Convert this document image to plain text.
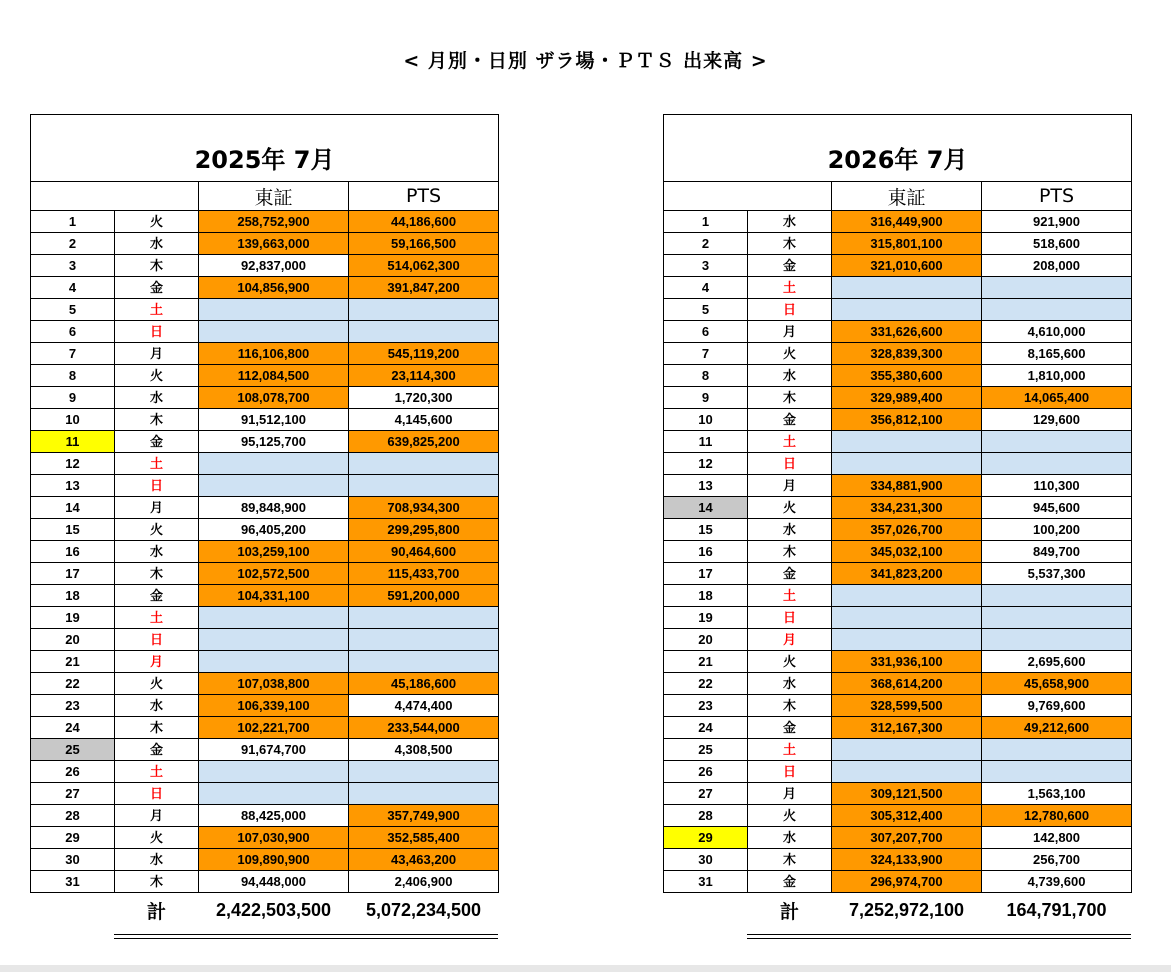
< 月別・日別 ザラ場・ＰＴＳ 出来高 >
2025年 7月			
		東証	PTS
1	火	258,752,900	44,186,600
2	水	139,663,000	59,166,500
3	木	92,837,000	514,062,300
4	金	104,856,900	391,847,200
5	土		
6	日		
7	月	116,106,800	545,119,200
8	火	112,084,500	23,114,300
9	水	108,078,700	1,720,300
10	木	91,512,100	4,145,600
11	金	95,125,700	639,825,200
12	土		
13	日		
14	月	89,848,900	708,934,300
15	火	96,405,200	299,295,800
16	水	103,259,100	90,464,600
17	木	102,572,500	115,433,700
18	金	104,331,100	591,200,000
19	土		
20	日		
21	月		
22	火	107,038,800	45,186,600
23	水	106,339,100	4,474,400
24	木	102,221,700	233,544,000
25	金	91,674,700	4,308,500
26	土		
27	日		
28	月	88,425,000	357,749,900
29	火	107,030,900	352,585,400
30	水	109,890,900	43,463,200
31	木	94,448,000	2,406,900
	計	2,422,503,500	5,072,234,500
2026年 7月			
		東証	PTS
1	水	316,449,900	921,900
2	木	315,801,100	518,600
3	金	321,010,600	208,000
4	土		
5	日		
6	月	331,626,600	4,610,000
7	火	328,839,300	8,165,600
8	水	355,380,600	1,810,000
9	木	329,989,400	14,065,400
10	金	356,812,100	129,600
11	土		
12	日		
13	月	334,881,900	110,300
14	火	334,231,300	945,600
15	水	357,026,700	100,200
16	木	345,032,100	849,700
17	金	341,823,200	5,537,300
18	土		
19	日		
20	月		
21	火	331,936,100	2,695,600
22	水	368,614,200	45,658,900
23	木	328,599,500	9,769,600
24	金	312,167,300	49,212,600
25	土		
26	日		
27	月	309,121,500	1,563,100
28	火	305,312,400	12,780,600
29	水	307,207,700	142,800
30	木	324,133,900	256,700
31	金	296,974,700	4,739,600
	計	7,252,972,100	164,791,700
